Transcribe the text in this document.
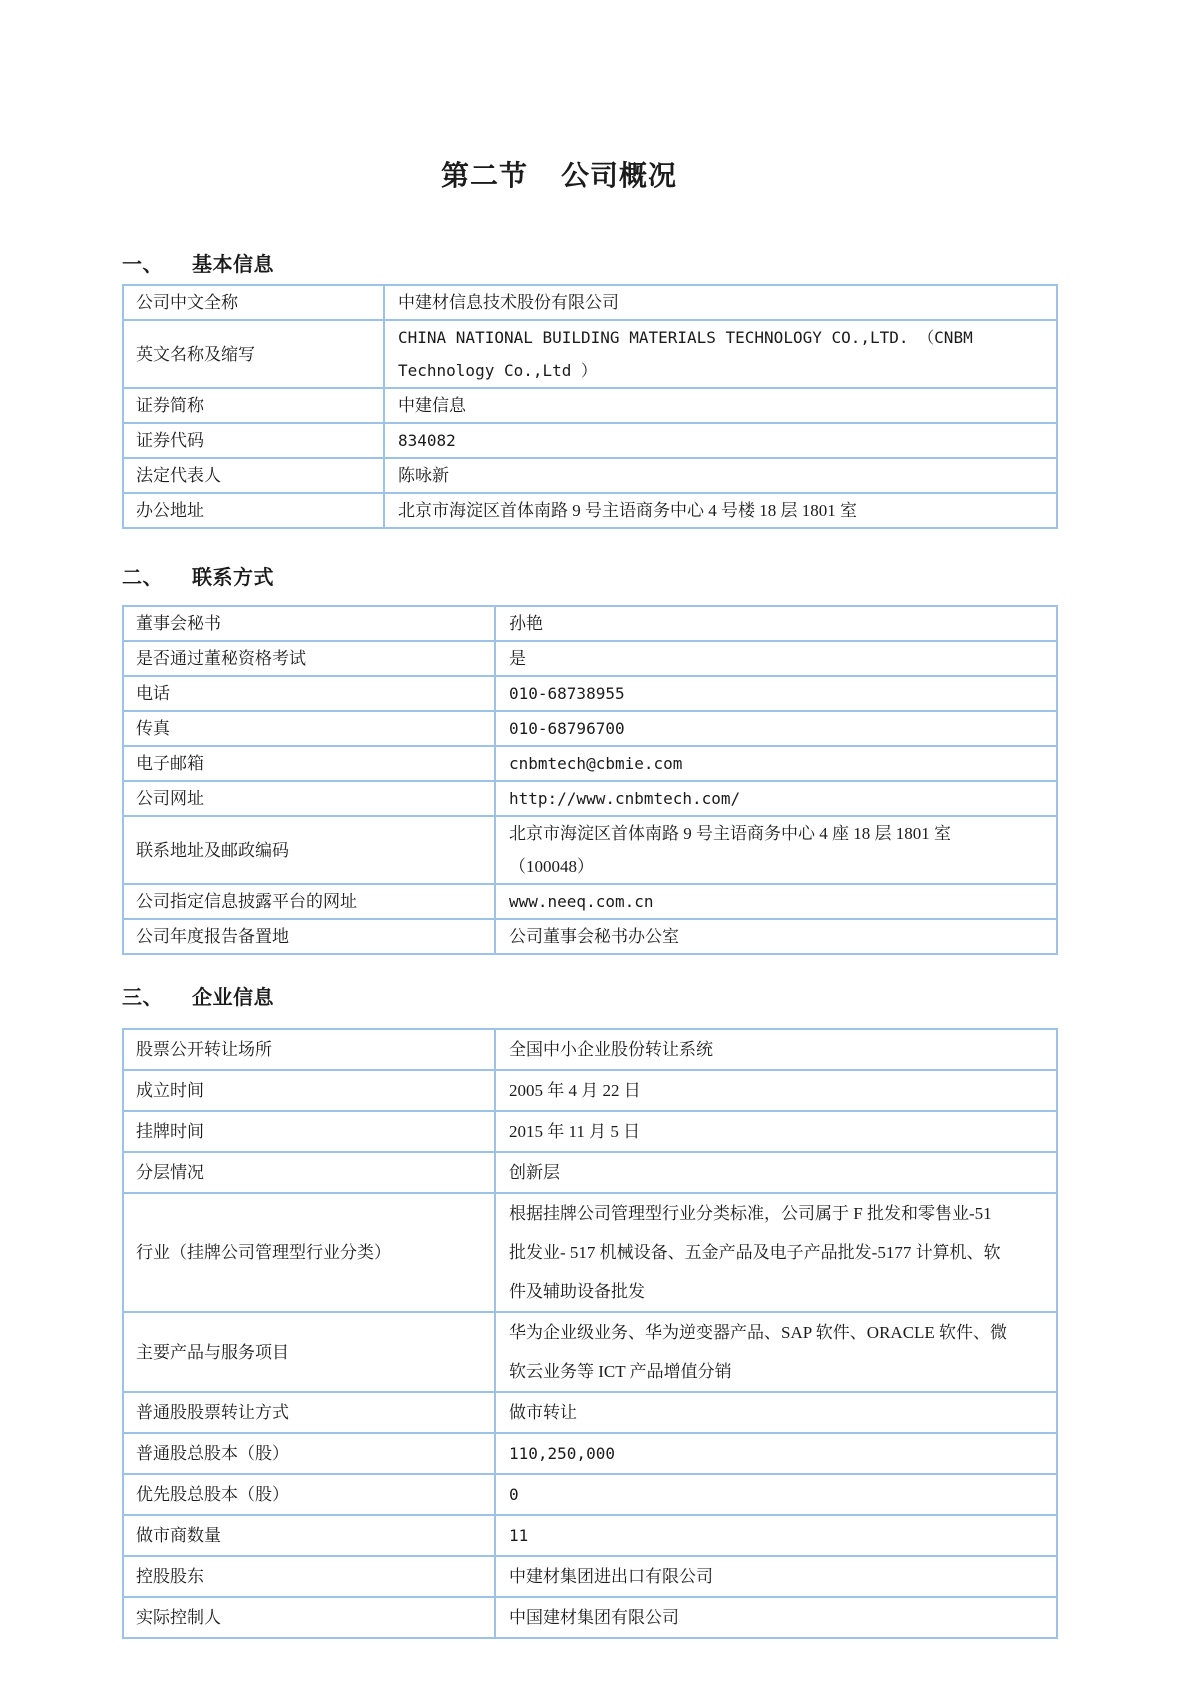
第二节 公司概况
一、 基本信息
公司中文全称	中建材信息技术股份有限公司
英文名称及缩写	CHINA NATIONAL BUILDING MATERIALS TECHNOLOGY CO.,LTD. （CNBM Technology Co.,Ltd ）
证券简称	中建信息
证券代码	834082
法定代表人	陈咏新
办公地址	北京市海淀区首体南路 9 号主语商务中心 4 号楼 18 层 1801 室
二、 联系方式
董事会秘书	孙艳
是否通过董秘资格考试	是
电话	010-68738955
传真	010-68796700
电子邮箱	cnbmtech@cbmie.com
公司网址	http://www.cnbmtech.com/
联系地址及邮政编码	北京市海淀区首体南路 9 号主语商务中心 4 座 18 层 1801 室（100048）
公司指定信息披露平台的网址	www.neeq.com.cn
公司年度报告备置地	公司董事会秘书办公室
三、 企业信息
股票公开转让场所	全国中小企业股份转让系统
成立时间	2005 年 4 月 22 日
挂牌时间	2015 年 11 月 5 日
分层情况	创新层
行业（挂牌公司管理型行业分类）	根据挂牌公司管理型行业分类标准，公司属于 F 批发和零售业-51 批发业- 517 机械设备、五金产品及电子产品批发-5177 计算机、软件及辅助设备批发
主要产品与服务项目	华为企业级业务、华为逆变器产品、SAP 软件、ORACLE 软件、微软云业务等 ICT 产品增值分销
普通股股票转让方式	做市转让
普通股总股本（股）	110,250,000
优先股总股本（股）	0
做市商数量	11
控股股东	中建材集团进出口有限公司
实际控制人	中国建材集团有限公司
